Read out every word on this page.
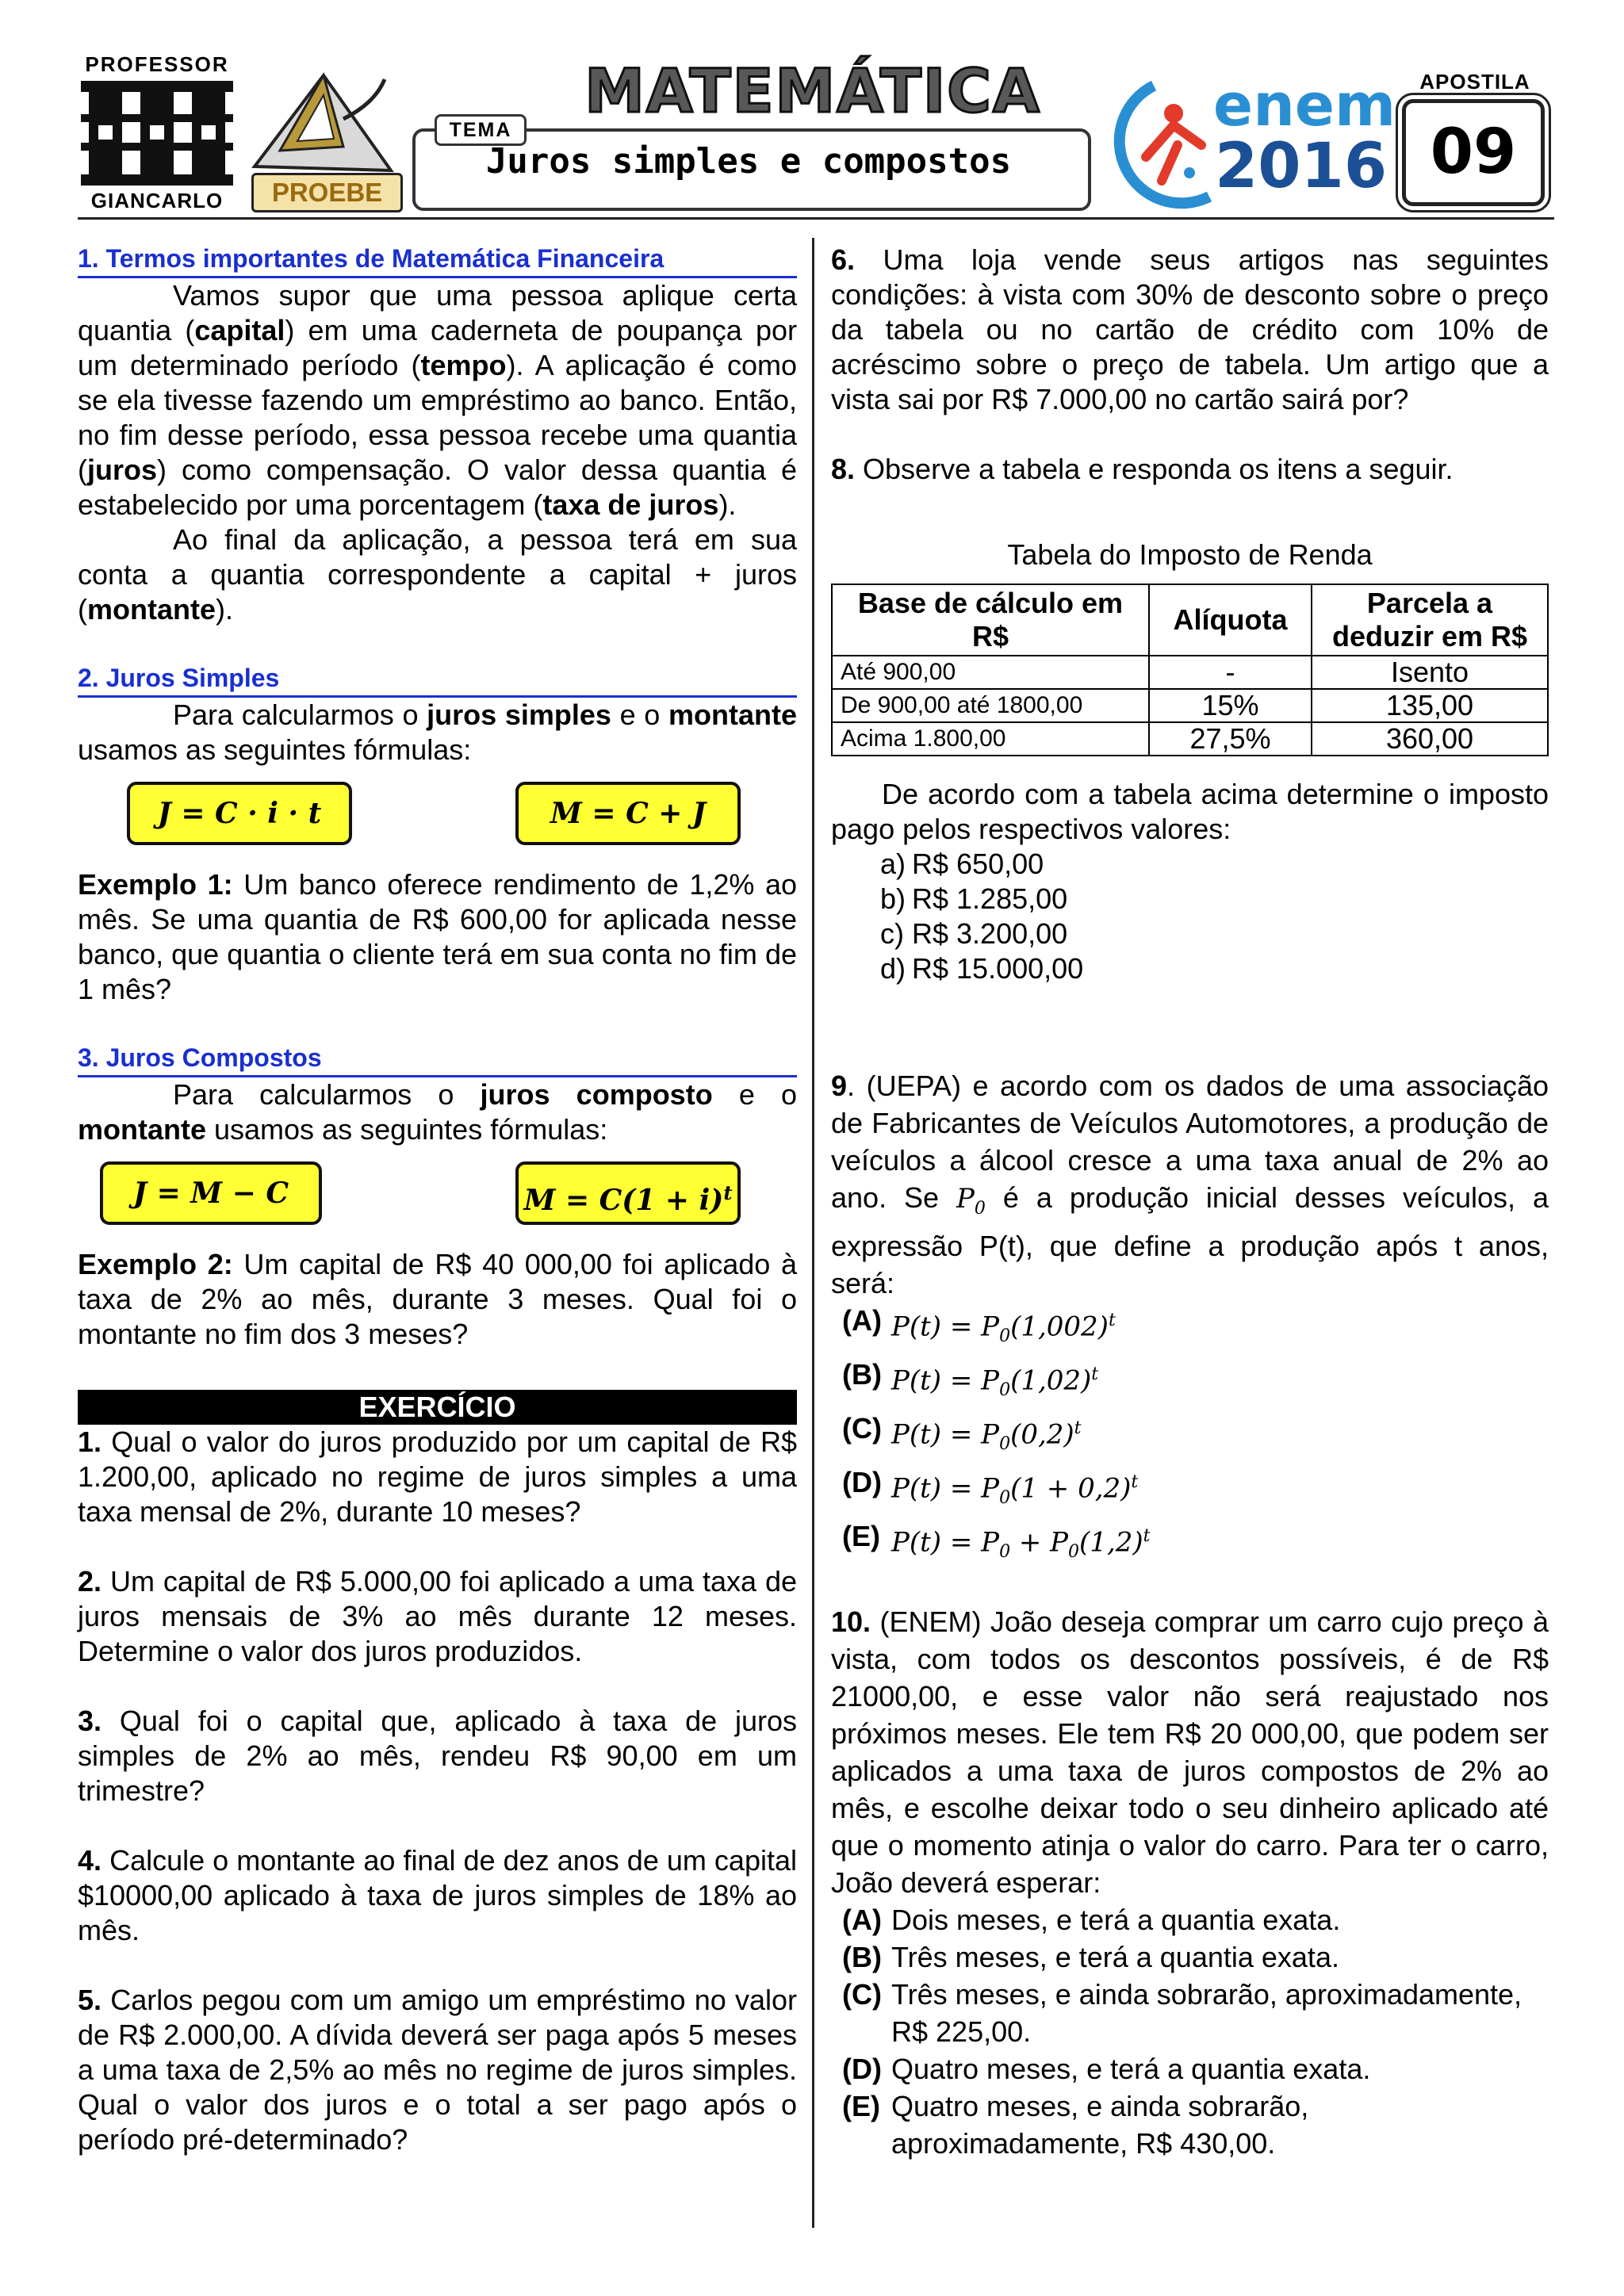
PROFESSOR
GIANCARLO	PROEBE
MATEMÁTICA
TEMA
Juros simples e compostos
enem
2016
APOSTILA
09
1. Termos importantes de Matemática Financeira

Vamos supor que uma pessoa aplique certa quantia (capital) em uma caderneta de poupança por um determinado período (tempo). A aplicação é como se ela tivesse fazendo um empréstimo ao banco. Então, no fim desse período, essa pessoa recebe uma quantia (juros) como compensação. O valor dessa quantia é estabelecido por uma porcentagem (taxa de juros).

Ao final da aplicação, a pessoa terá em sua conta a quantia correspondente a capital + juros (montante).

2. Juros Simples

Para calcularmos o juros simples e o montante usamos as seguintes fórmulas:

J = C · i · t	M = C + J

Exemplo 1: Um banco oferece rendimento de 1,2% ao mês. Se uma quantia de R$ 600,00 for aplicada nesse banco, que quantia o cliente terá em sua conta no fim de 1 mês?

3. Juros Compostos

Para calcularmos o juros composto e o montante usamos as seguintes fórmulas:

J = M − C	$M = C(1 + i)^t$

Exemplo 2: Um capital de R$ 40 000,00 foi aplicado à taxa de 2% ao mês, durante 3 meses. Qual foi o montante no fim dos 3 meses?

EXERCÍCIO

1. Qual o valor do juros produzido por um capital de R$ 1.200,00, aplicado no regime de juros simples a uma taxa mensal de 2%, durante 10 meses?

2. Um capital de R$ 5.000,00 foi aplicado a uma taxa de juros mensais de 3% ao mês durante 12 meses. Determine o valor dos juros produzidos.

3. Qual foi o capital que, aplicado à taxa de juros simples de 2% ao mês, rendeu R$ 90,00 em um trimestre?

4. Calcule o montante ao final de dez anos de um capital $10000,00 aplicado à taxa de juros simples de 18% ao mês.

5. Carlos pegou com um amigo um empréstimo no valor de R$ 2.000,00. A dívida deverá ser paga após 5 meses a uma taxa de 2,5% ao mês no regime de juros simples. Qual o valor dos juros e o total a ser pago após o período pré-determinado?

6. Uma loja vende seus artigos nas seguintes condições: à vista com 30% de desconto sobre o preço da tabela ou no cartão de crédito com 10% de acréscimo sobre o preço de tabela. Um artigo que a vista sai por R$ 7.000,00 no cartão sairá por?

8. Observe a tabela e responda os itens a seguir.

Tabela do Imposto de Renda

Base de cálculo em R$	Alíquota	Parcela a deduzir em R$
Até 900,00	-	Isento
De 900,00 até 1800,00	15%	135,00
Acima 1.800,00	27,5%	360,00

De acordo com a tabela acima determine o imposto pago pelos respectivos valores:

a) R$ 650,00
b) R$ 1.285,00
c) R$ 3.200,00
d) R$ 15.000,00

9. (UEPA) e acordo com os dados de uma associação de Fabricantes de Veículos Automotores, a produção de veículos a álcool cresce a uma taxa anual de 2% ao ano. Se $P_0$ é a produção inicial desses veículos, a expressão P(t), que define a produção após t anos, será:

(A) $P(t) = P_0(1,002)^t$
(B) $P(t) = P_0(1,02)^t$
(C) $P(t) = P_0(0,2)^t$
(D) $P(t) = P_0(1 + 0,2)^t$
(E) $P(t) = P_0 + P_0(1,2)^t$

10. (ENEM) João deseja comprar um carro cujo preço à vista, com todos os descontos possíveis, é de R$ 21000,00, e esse valor não será reajustado nos próximos meses. Ele tem R$ 20 000,00, que podem ser aplicados a uma taxa de juros compostos de 2% ao mês, e escolhe deixar todo o seu dinheiro aplicado até que o momento atinja o valor do carro. Para ter o carro, João deverá esperar:

(A) Dois meses, e terá a quantia exata.
(B) Três meses, e terá a quantia exata.
(C) Três meses, e ainda sobrarão, aproximadamente, R$ 225,00.
(D) Quatro meses, e terá a quantia exata.
(E) Quatro meses, e ainda sobrarão, aproximadamente, R$ 430,00.
